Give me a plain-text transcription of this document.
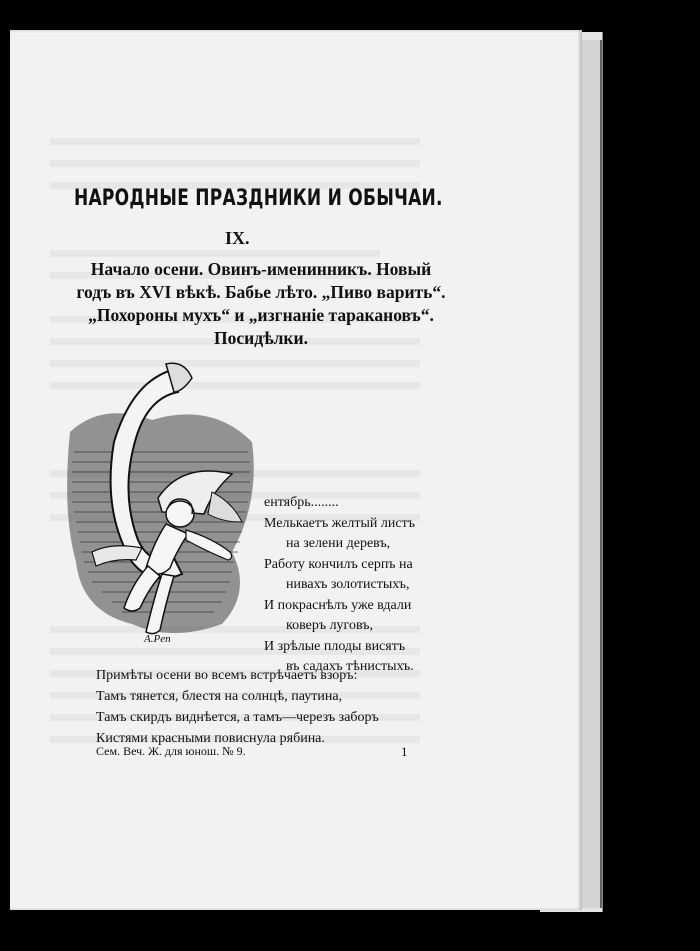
НАРОДНЫЕ ПРАЗДНИКИ И ОБЫЧАИ.
IX.
Начало осени. Овинъ-именинникъ. Новый
годъ въ XVI вѣкѣ. Бабье лѣто. „Пиво варить“.
„Похороны мухъ“ и „изгнаніе таракановъ“.
Посидѣлки.
A.Pen
ентябрь........
Мелькаетъ желтый листъ
на зелени деревъ,
Работу кончилъ серпъ на
нивахъ золотистыхъ,
И покраснѣлъ уже вдали
коверъ луговъ,
И зрѣлые плоды висятъ
въ садахъ тѣнистыхъ.
Примѣты осени во всемъ встрѣчаетъ взоръ:
Тамъ тянется, блестя на солнцѣ, паутина,
Тамъ скирдъ виднѣется, а тамъ—черезъ заборъ
Кистями красными повиснула рябина.
Сем. Веч. Ж. для юнош. № 9.	1
